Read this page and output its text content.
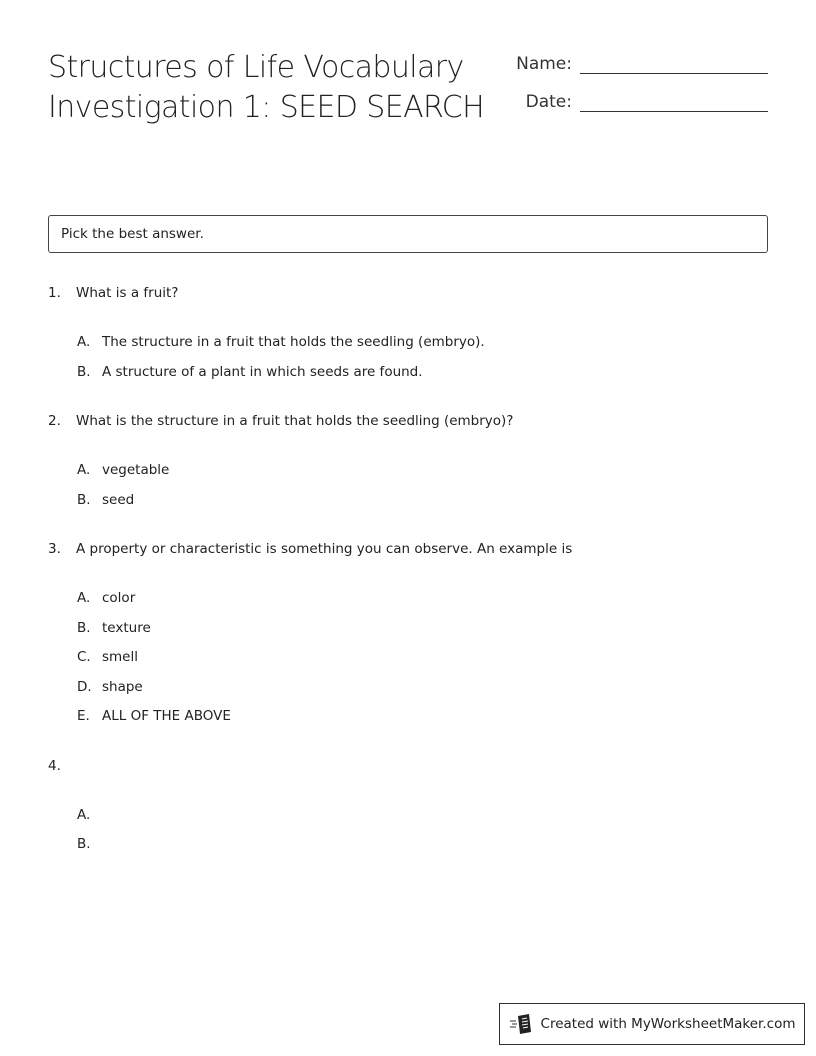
Structures of Life Vocabulary Investigation 1: SEED SEARCH
Name:
Date:
Pick the best answer.
1.	What is a fruit?
A. The structure in a fruit that holds the seedling (embryo).
B. A structure of a plant in which seeds are found.
2.	What is the structure in a fruit that holds the seedling (embryo)?
A. vegetable
B. seed
3.	A property or characteristic is something you can observe. An example is
A. color
B. texture
C. smell
D. shape
E. ALL OF THE ABOVE
4.
A.
B.
Created with MyWorksheetMaker.com
